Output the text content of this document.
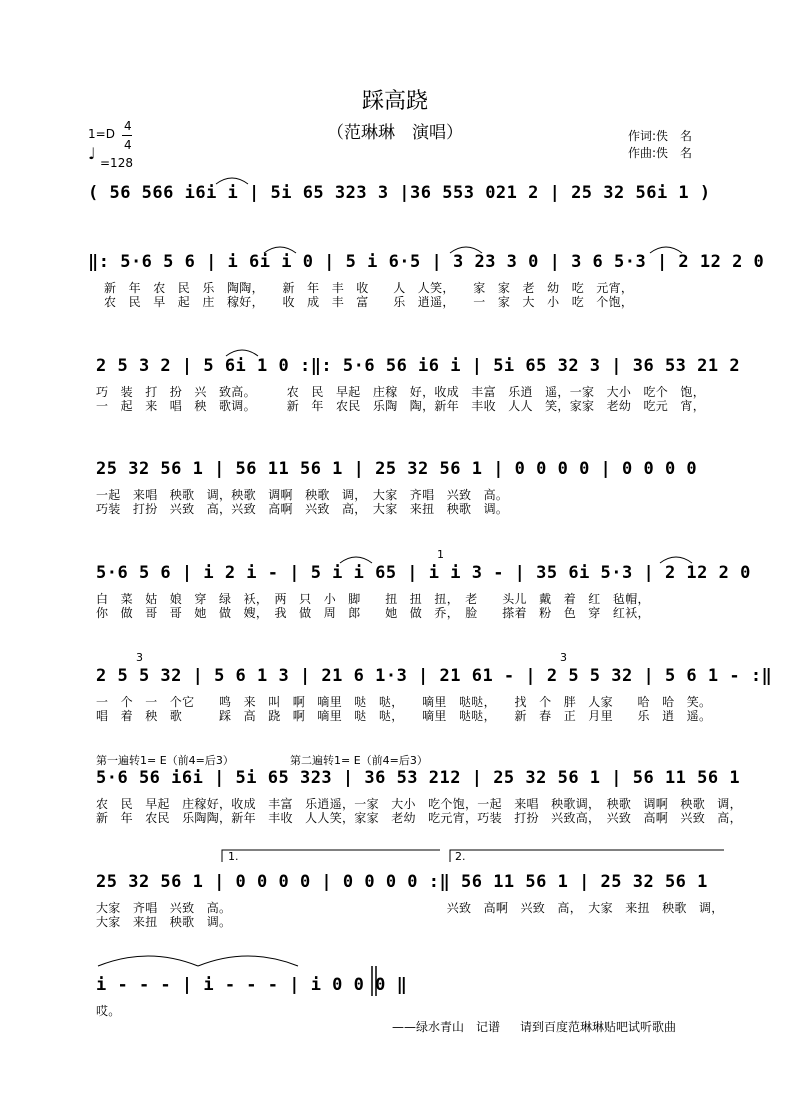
踩高跷
（范琳琳　演唱）
1=D
4
4
♩ =128
作词:佚　名
作曲:佚　名
( 56 566 i6i i | 5i 65 323 3 |36 553 021 2 | 25 32 56i 1 )
‖: 5·6 5 6 | i 6i i 0 | 5 i 6·5 | 3 23 3 0 | 3 6 5·3 | 2 12 2 0
新　年　农　民　乐　陶陶，　　新　年　丰　收　　人　人笑，　　家　家　老　幼　吃　元宵，
农　民　早　起　庄　稼好，　　收　成　丰　富　　乐　逍遥，　　一　家　大　小　吃　个饱，
2 5 3 2 | 5 6i 1 0 :‖: 5·6 56 i6 i | 5i 65 32 3 | 36 53 21 2
巧　装　打　扮　兴　致高。　　　农　民　早起　庄稼　好，收成　丰富　乐逍　遥，一家　大小　吃个　饱，
一　起　来　唱　秧　歌调。　　　新　年　农民　乐陶　陶，新年　丰收　人人　笑，家家　老幼　吃元　宵，
25 32 56 1 | 56 11 56 1 | 25 32 56 1 | 0 0 0 0 | 0 0 0 0
一起　来唱　秧歌　调，秧歌　调啊　秧歌　调，　大家　齐唱　兴致　高。
巧装　打扮　兴致　高，兴致　高啊　兴致　高，　大家　来扭　秧歌　调。
1
5·6 5 6 | i 2 i - | 5 i i 65 | i i 3 - | 35 6i 5·3 | 2 12 2 0
白　菜　姑　娘　穿　绿　袄，　两　只　小　脚　　扭　扭　扭，　老　　头儿　戴　着　红　毡帽，
你　做　哥　哥　她　做　嫂，　我　做　周　郎　　她　做　乔，　脸　　搽着　粉　色　穿　红袄，
3	3
2 5 5 32 | 5 6 1 3 | 21 6 1·3 | 21 61 - | 2 5 5 32 | 5 6 1 - :‖
一　个　一　个它　　鸣　来　叫　啊　嘀里　哒　哒，　　嘀里　哒哒，　　找　个　胖　人家　　哈　哈　笑。
唱　着　秧　歌　　　踩　高　跷　啊　嘀里　哒　哒，　　嘀里　哒哒，　　新　春　正　月里　　乐　逍　遥。
第一遍转1= E（前4=后3）	第二遍转1= E（前4=后3）
5·6 56 i6i | 5i 65 323 | 36 53 212 | 25 32 56 1 | 56 11 56 1
农　民　早起　庄稼好，收成　丰富　乐逍遥，一家　大小　吃个饱，一起　来唱　秧歌调，　秧歌　调啊　秧歌　调，
新　年　农民　乐陶陶，新年　丰收　人人笑，家家　老幼　吃元宵，巧装　打扮　兴致高，　兴致　高啊　兴致　高，
1.	2.
25 32 56 1 | 0 0 0 0 | 0 0 0 0 :‖ 56 11 56 1 | 25 32 56 1
大家　齐唱　兴致　高。　　　　　　　　　　　　　　　　　　兴致　高啊　兴致　高，　大家　来扭　秧歌　调，
大家　来扭　秧歌　调。
i - - - | i - - - | i 0 0 0 ‖
哎。
——绿水青山　记谱 请到百度范琳琳贴吧试听歌曲
